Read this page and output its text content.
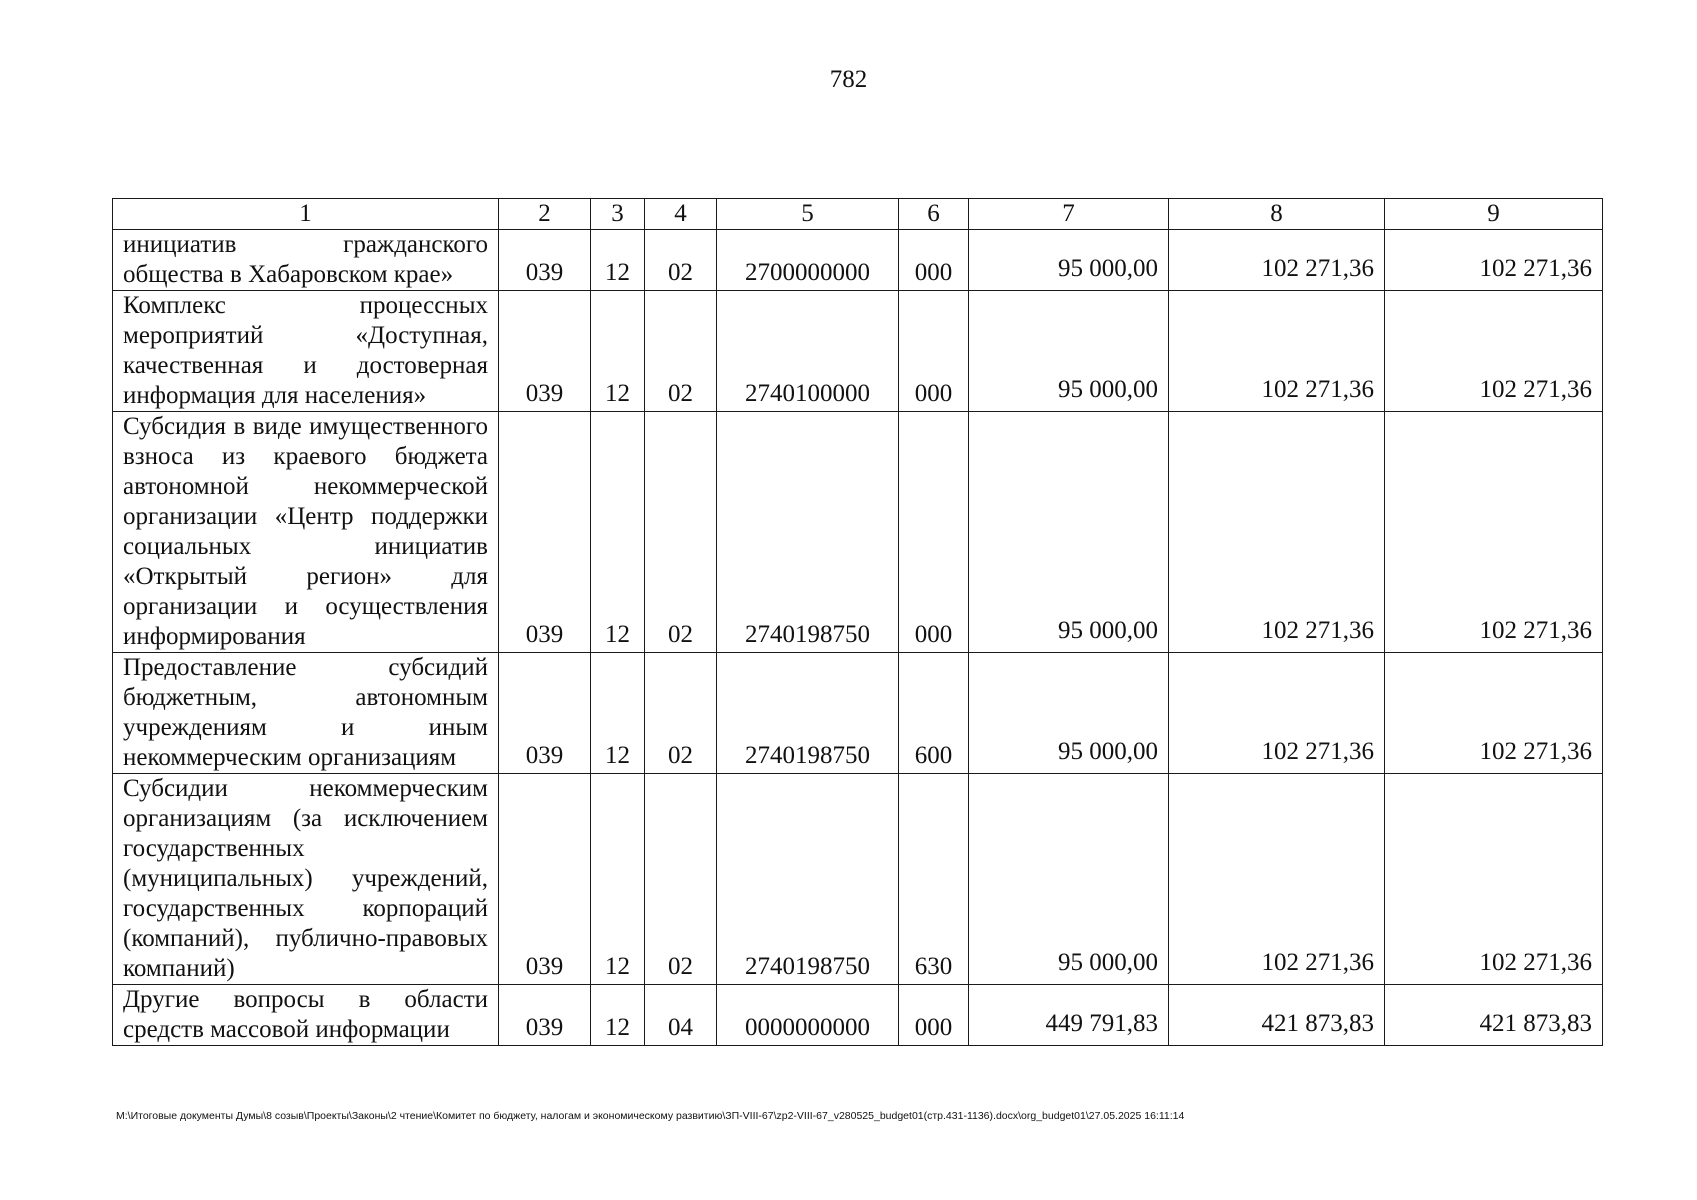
782
1	2	3	4	5	6	7	8	9
инициатив гражданского общества в Хабаровском крае»	039	12	02	2700000000	000	95 000,00	102 271,36	102 271,36
Комплекс процессных мероприятий «Доступная, качественная и достоверная информация для населения»	039	12	02	2740100000	000	95 000,00	102 271,36	102 271,36
Субсидия в виде имущественного взноса из краевого бюджета автономной некоммерческой организации «Центр поддержки социальных инициатив «Открытый регион» для организации и осуществления информирования	039	12	02	2740198750	000	95 000,00	102 271,36	102 271,36
Предоставление субсидий бюджетным, автономным учреждениям и иным некоммерческим организациям	039	12	02	2740198750	600	95 000,00	102 271,36	102 271,36
Субсидии некоммерческим организациям (за исключением государственных (муниципальных) учреждений, государственных корпораций (компаний), публично-правовых компаний)	039	12	02	2740198750	630	95 000,00	102 271,36	102 271,36
Другие вопросы в области средств массовой информации	039	12	04	0000000000	000	449 791,83	421 873,83	421 873,83
M:\Итоговые документы Думы\8 созыв\Проекты\Законы\2 чтение\Комитет по бюджету, налогам и экономическому развитию\ЗП-VIII-67\zp2-VIII-67_v280525_budget01(стр.431-1136).docx\org_budget01\27.05.2025 16:11:14
